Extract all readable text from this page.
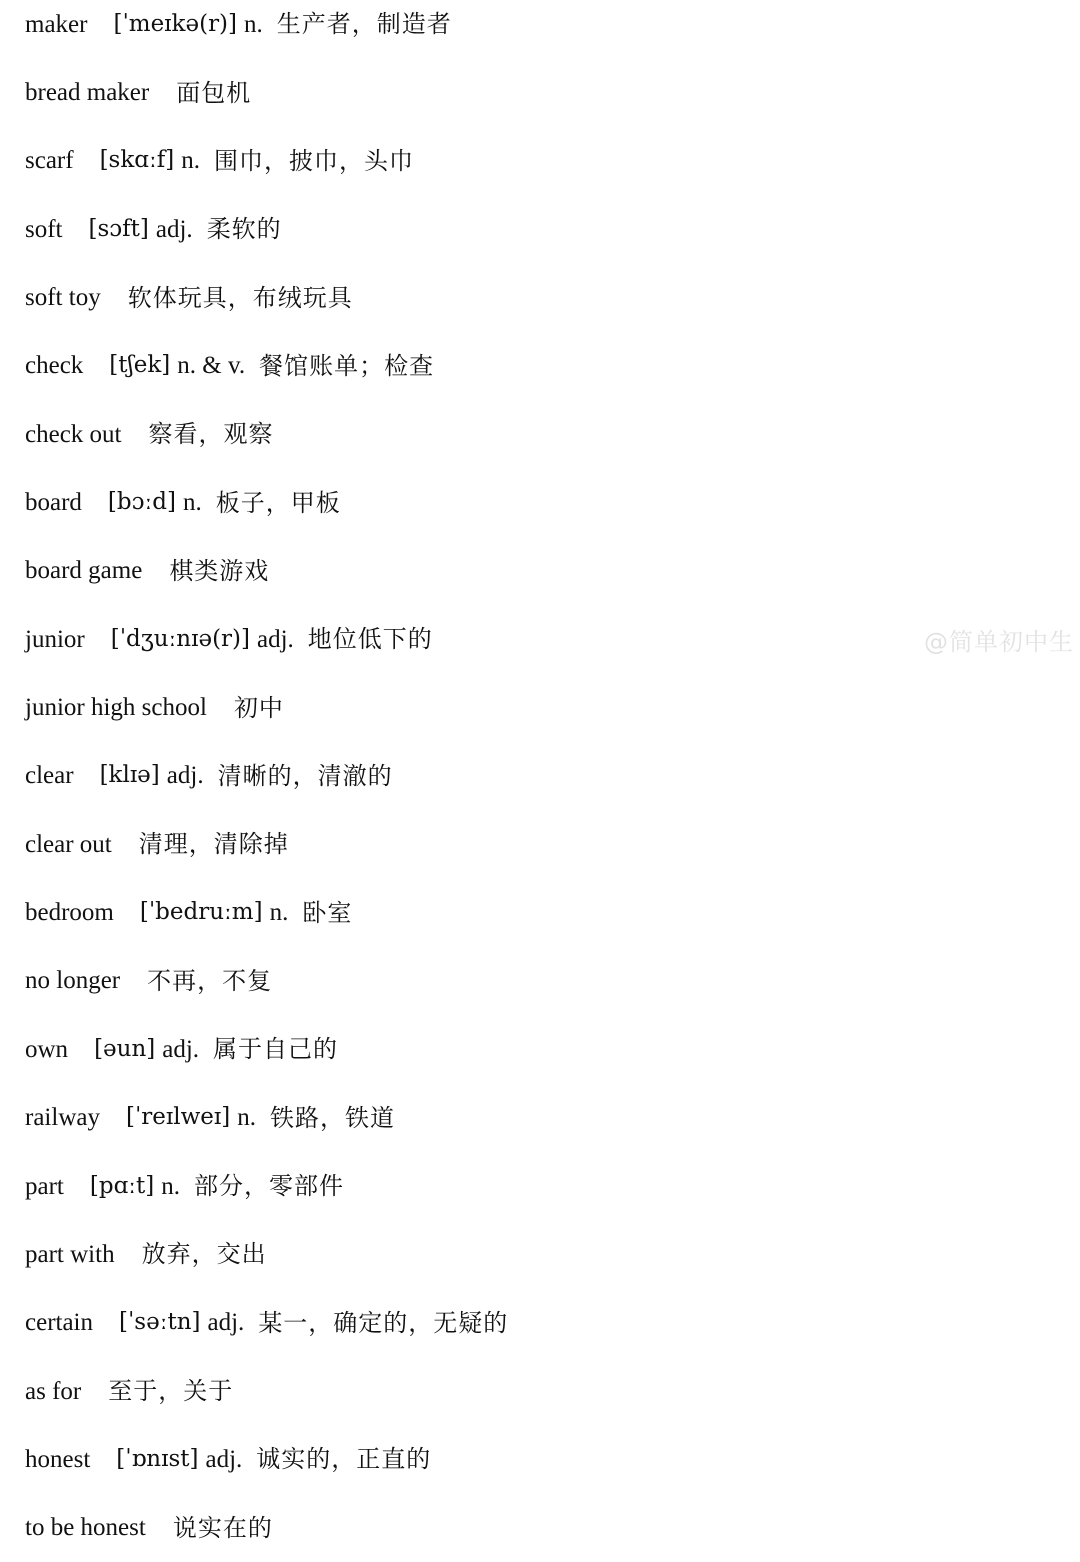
maker [ˈmeɪkə(r)] n. 生产者，制造者
bread maker 面包机
scarf [skɑːf] n. 围巾，披巾，头巾
soft [sɔft] adj. 柔软的
soft toy 软体玩具，布绒玩具
check [tʃek] n. & v. 餐馆账单；检查
check out 察看，观察
board [bɔːd] n. 板子，甲板
board game 棋类游戏
junior [ˈdʒuːnɪə(r)] adj. 地位低下的
junior high school 初中
clear [klɪə] adj. 清晰的，清澈的
clear out 清理，清除掉
bedroom [ˈbedruːm] n. 卧室
no longer 不再，不复
own [əun] adj. 属于自己的
railway [ˈreɪlweɪ] n. 铁路，铁道
part [pɑːt] n. 部分，零部件
part with 放弃，交出
certain [ˈsəːtn] adj. 某一，确定的，无疑的
as for 至于，关于
honest [ˈɒnɪst] adj. 诚实的，正直的
to be honest 说实在的
@简单初中生
